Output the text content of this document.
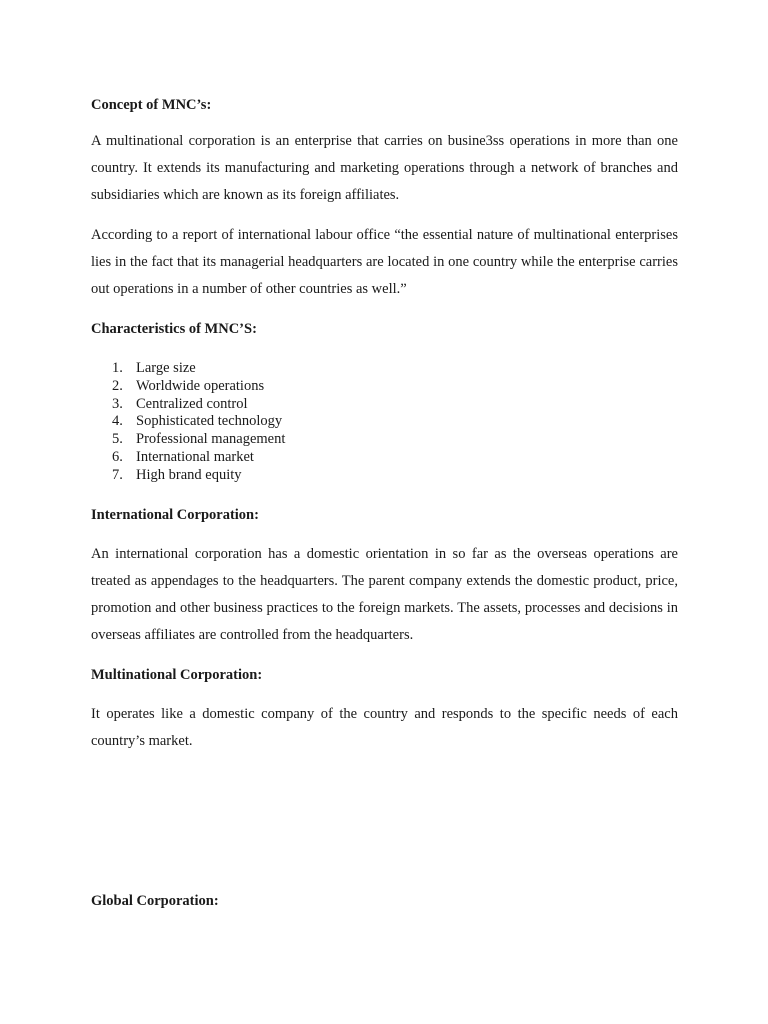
Concept of MNC’s:

A multinational corporation is an enterprise that carries on busine3ss operations in more than one country. It extends its manufacturing and marketing operations through a network of branches and subsidiaries which are known as its foreign affiliates.

According to a report of international labour office “the essential nature of multinational enterprises lies in the fact that its managerial headquarters are located in one country while the enterprise carries out operations in a number of other countries as well.”

Characteristics of MNC’S:
1. Large size
2. Worldwide operations
3. Centralized control
4. Sophisticated technology
5. Professional management
6. International market
7. High brand equity
International Corporation:

An international corporation has a domestic orientation in so far as the overseas operations are treated as appendages to the headquarters. The parent company extends the domestic product, price, promotion and other business practices to the foreign markets. The assets, processes and decisions in overseas affiliates are controlled from the headquarters.

Multinational Corporation:

It operates like a domestic company of the country and responds to the specific needs of each country’s market.

Global Corporation:
